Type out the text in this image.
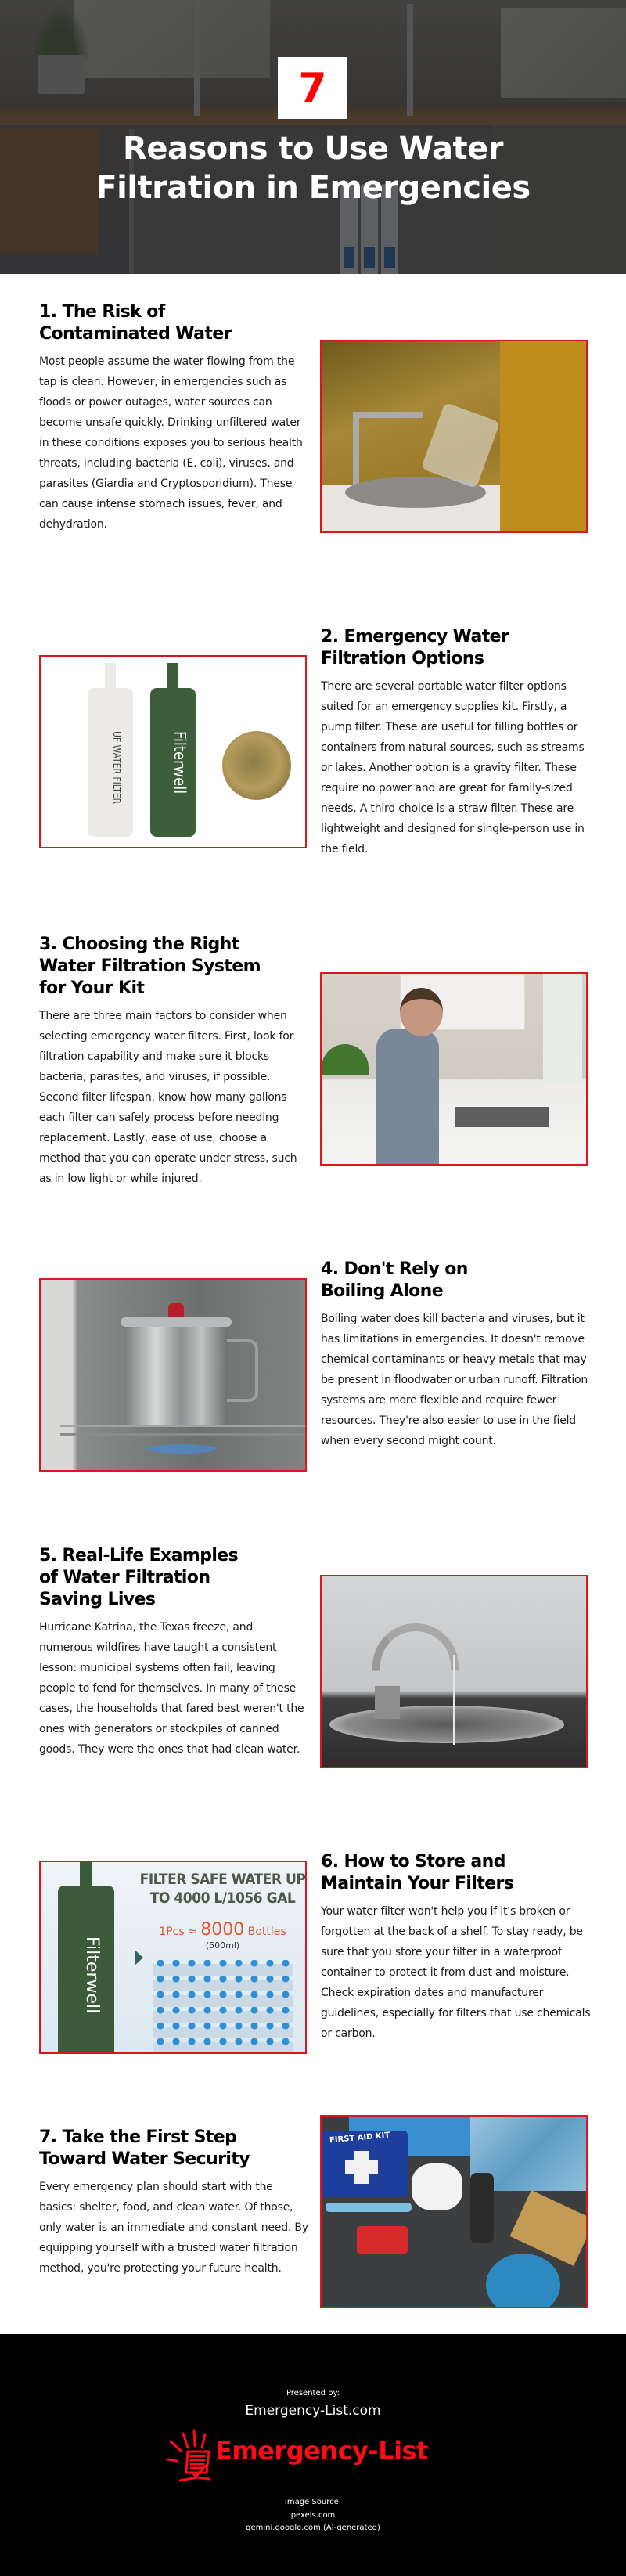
7
Reasons to Use Water
Filtration in Emergencies
1. The Risk of Contaminated Water

Most people assume the water flowing from the tap is clean. However, in emergencies such as floods or power outages, water sources can become unsafe quickly. Drinking unfiltered water in these conditions exposes you to serious health threats, including bacteria (E. coli), viruses, and parasites (Giardia and Cryptosporidium). These can cause intense stomach issues, fever, and dehydration.

UF WATER FILTER	Filterwell
2. Emergency Water Filtration Options

There are several portable water filter options suited for an emergency supplies kit. Firstly, a pump filter. These are useful for filling bottles or containers from natural sources, such as streams or lakes. Another option is a gravity filter. These require no power and are great for family-sized needs. A third choice is a straw filter. These are lightweight and designed for single-person use in the field.

3. Choosing the Right Water Filtration System for Your Kit

There are three main factors to consider when selecting emergency water filters. First, look for filtration capability and make sure it blocks bacteria, parasites, and viruses, if possible. Second filter lifespan, know how many gallons each filter can safely process before needing replacement. Lastly, ease of use, choose a method that you can operate under stress, such as in low light or while injured.

4. Don't Rely on Boiling Alone

Boiling water does kill bacteria and viruses, but it has limitations in emergencies. It doesn't remove chemical contaminants or heavy metals that may be present in floodwater or urban runoff. Filtration systems are more flexible and require fewer resources. They're also easier to use in the field when every second might count.

5. Real-Life Examples of Water Filtration Saving Lives

Hurricane Katrina, the Texas freeze, and numerous wildfires have taught a consistent lesson: municipal systems often fail, leaving people to fend for themselves. In many of these cases, the households that fared best weren't the ones with generators or stockpiles of canned goods. They were the ones that had clean water.

Filterwell
FILTER SAFE WATER UP TO 4000 L/1056 GAL
1Pcs ≈ 8000 Bottles
(500ml)
6. How to Store and Maintain Your Filters

Your water filter won't help you if it's broken or forgotten at the back of a shelf. To stay ready, be sure that you store your filter in a waterproof container to protect it from dust and moisture. Check expiration dates and manufacturer guidelines, especially for filters that use chemicals or carbon.

7. Take the First Step Toward Water Security

Every emergency plan should start with the basics: shelter, food, and clean water. Of those, only water is an immediate and constant need. By equipping yourself with a trusted water filtration method, you're protecting your future health.

FIRST AID KIT
Presented by:
Emergency-List.com
Emergency-List
Image Source:
pexels.com
gemini.google.com (AI-generated)
